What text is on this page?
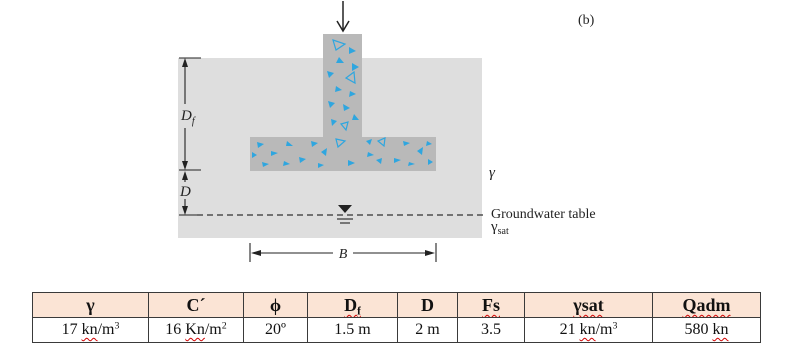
$D_f$
D
B
γ
Groundwater table
$\gamma_{sat}$
(b)
γ	C´	ϕ	$D_f$	D	Fs	γsat	Qadm
17 $kn/m^3$	16 $Kn/m^2$	20º	1.5 m	2 m	3.5	21 $kn/m^3$	580 kn
